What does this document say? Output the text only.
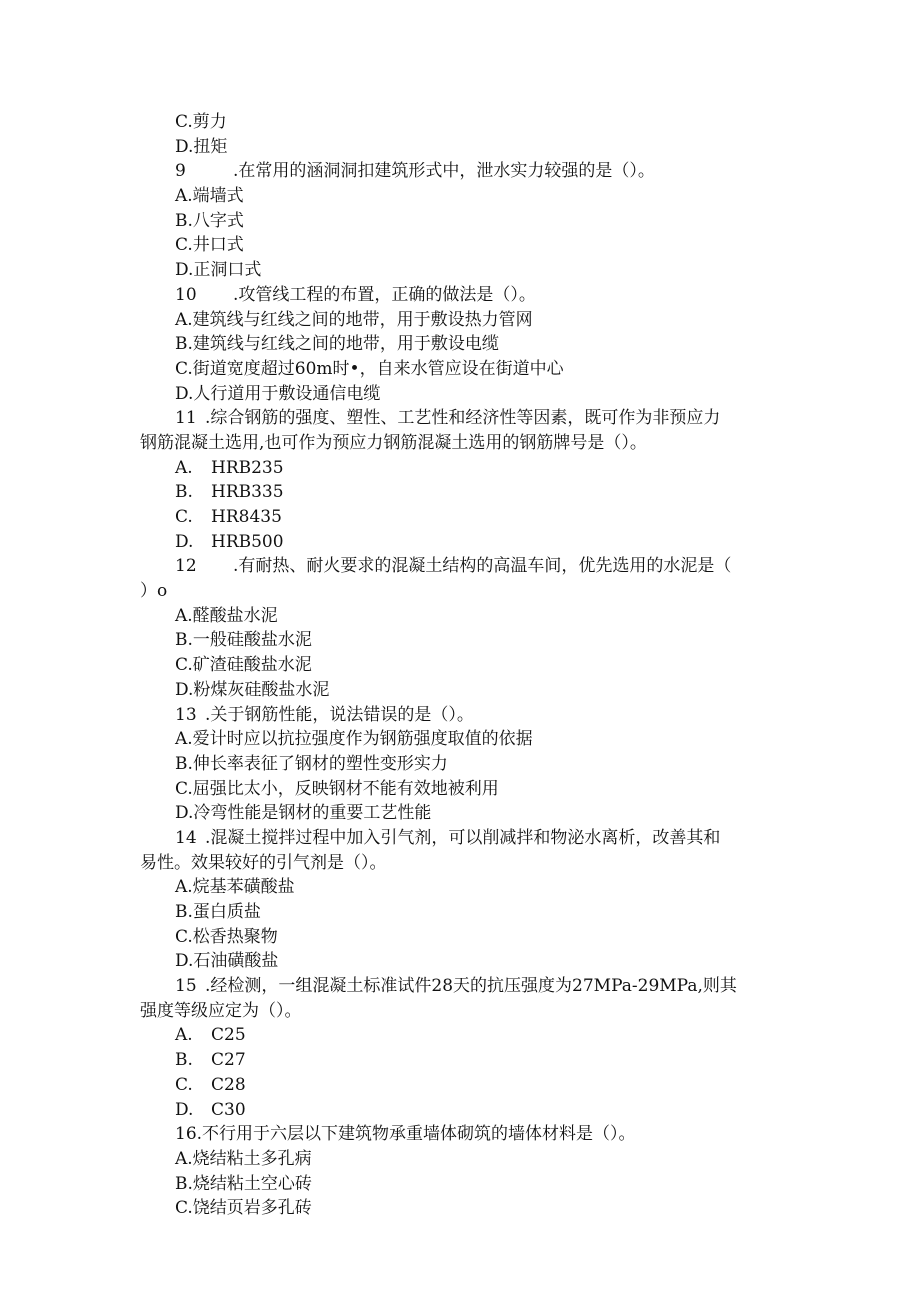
C.剪力
D.扭矩
9	.在常用的涵洞洞扣建筑形式中，泄水实力较强的是（）。
A.端墙式
B.八字式
C.井口式
D.正洞口式
10 .攻管线工程的布置，正确的做法是（）。
A.建筑线与红线之间的地带，用于敷设热力管网
B.建筑线与红线之间的地带，用于敷设电缆
C.街道宽度超过60m时•，自来水管应设在街道中心
D.人行道用于敷设通信电缆
11 .综合钢筋的强度、塑性、工艺性和经济性等因素，既可作为非预应力
钢筋混凝土选用,也可作为预应力钢筋混凝土选用的钢筋牌号是（）。
A. HRB235
B. HRB335
C. HR8435
D. HRB500
12 .有耐热、耐火要求的混凝土结构的高温车间，优先选用的水泥是（
）o
A.醛酸盐水泥
B.一般硅酸盐水泥
C.矿渣硅酸盐水泥
D.粉煤灰硅酸盐水泥
13 .关于钢筋性能，说法错误的是（）。
A.爱计时应以抗拉强度作为钢筋强度取值的依据
B.伸长率表征了钢材的塑性变形实力
C.屈强比太小，反映钢材不能有效地被利用
D.冷弯性能是钢材的重要工艺性能
14 .混凝土搅拌过程中加入引气剂，可以削减拌和物泌水离析，改善其和
易性。效果较好的引气剂是（）。
A.烷基苯磺酸盐
B.蛋白质盐
C.松香热聚物
D.石油磺酸盐
15 .经检测，一组混凝土标准试件28天的抗压强度为27MPa-29MPa,则其
强度等级应定为（）。
A. C25
B. C27
C. C28
D. C30
16.不行用于六层以下建筑物承重墙体砌筑的墙体材料是（）。
A.烧结粘土多孔病
B.烧结粘土空心砖
C.饶结页岩多孔砖
